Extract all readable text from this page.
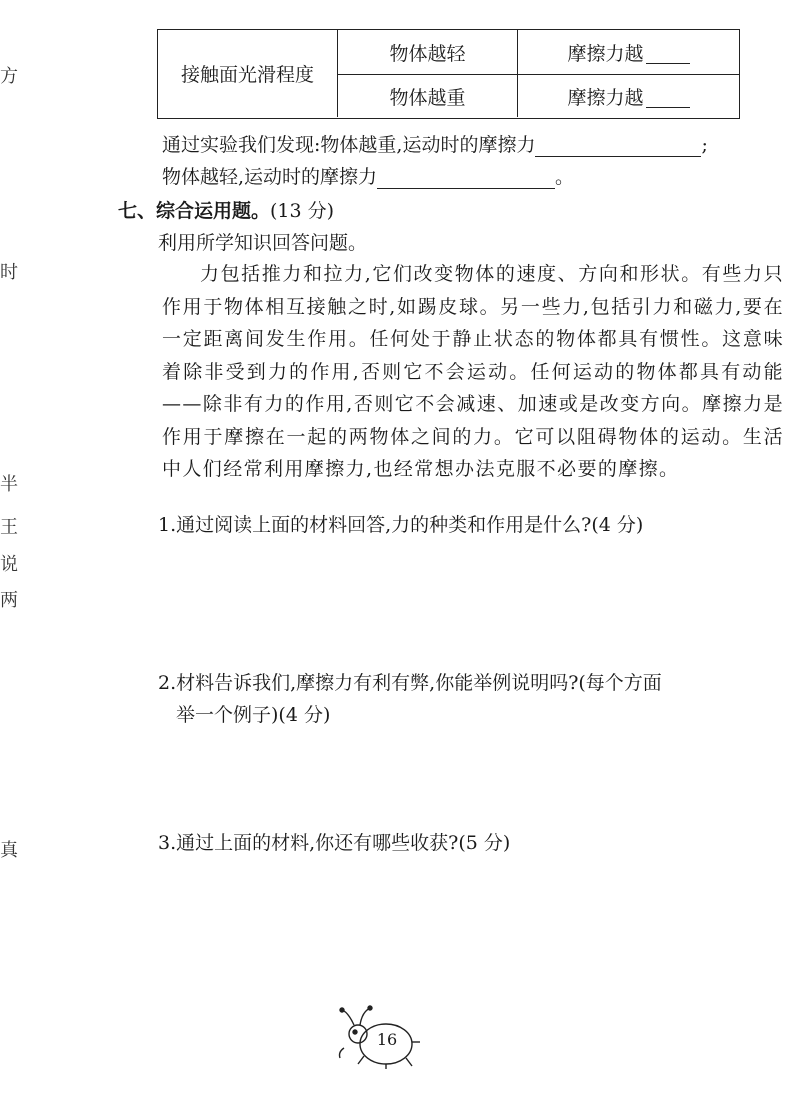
方
时
半
王
说
两
真
接触面光滑程度
物体越轻	摩擦力越

物体越重	摩擦力越

通过实验我们发现:物体越重,运动时的摩擦力	;
物体越轻,运动时的摩擦力	。
七、综合运用题。(13 分)
利用所学知识回答问题。
力包括推力和拉力,它们改变物体的速度、方向和形状。有些力只作用于物体相互接触之时,如踢皮球。另一些力,包括引力和磁力,要在一定距离间发生作用。任何处于静止状态的物体都具有惯性。这意味着除非受到力的作用,否则它不会运动。任何运动的物体都具有动能——除非有力的作用,否则它不会减速、加速或是改变方向。摩擦力是作用于摩擦在一起的两物体之间的力。它可以阻碍物体的运动。生活中人们经常利用摩擦力,也经常想办法克服不必要的摩擦。
1.通过阅读上面的材料回答,力的种类和作用是什么?(4 分)
2.材料告诉我们,摩擦力有利有弊,你能举例说明吗?(每个方面
举一个例子)(4 分)
3.通过上面的材料,你还有哪些收获?(5 分)
16
